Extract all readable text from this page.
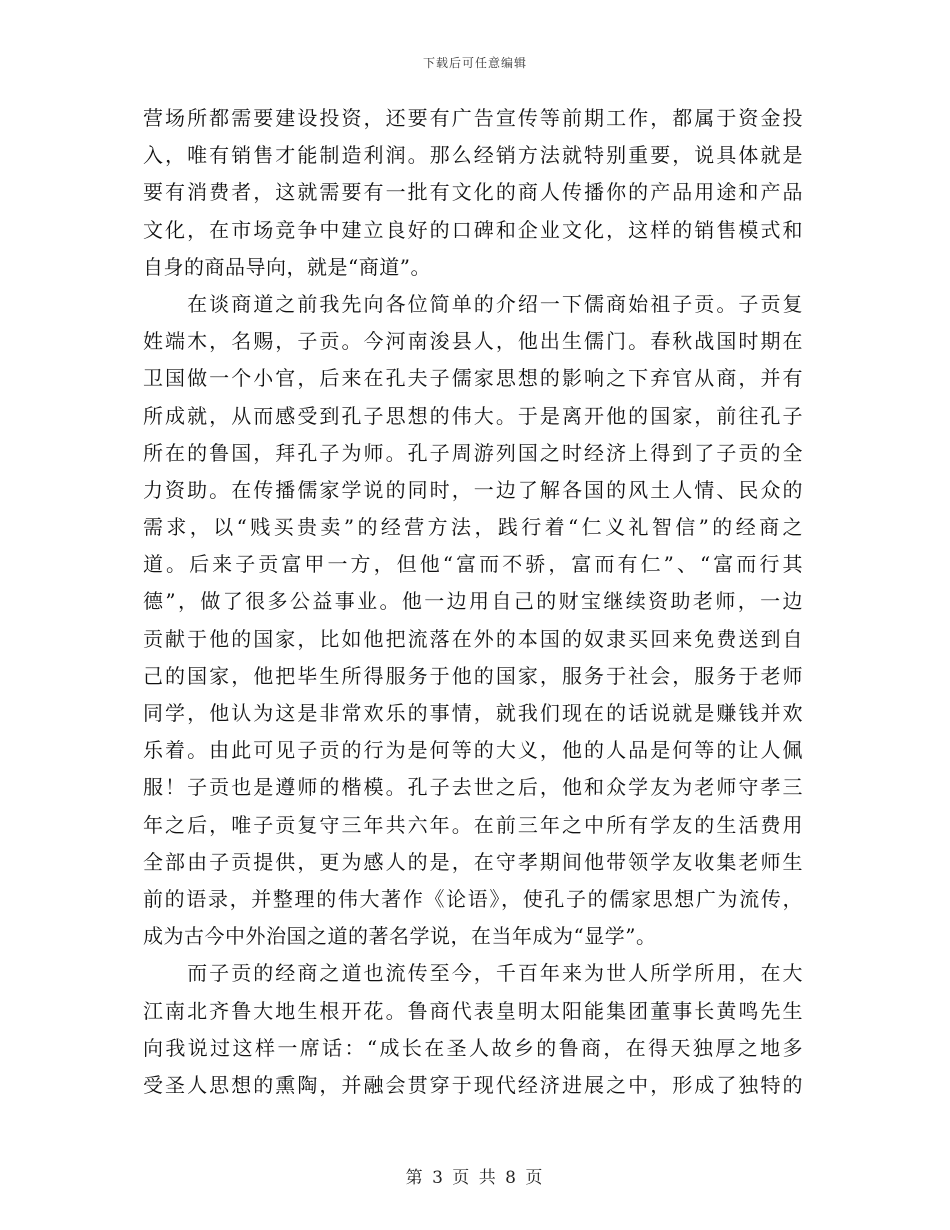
下载后可任意编辑
营场所都需要建设投资，还要有广告宣传等前期工作，都属于资金投
入，唯有销售才能制造利润。那么经销方法就特别重要，说具体就是
要有消费者，这就需要有一批有文化的商人传播你的产品用途和产品
文化，在市场竞争中建立良好的口碑和企业文化，这样的销售模式和
自身的商品导向，就是“商道”。
　　在谈商道之前我先向各位简单的介绍一下儒商始祖子贡。子贡复
姓端木，名赐，子贡。今河南浚县人，他出生儒门。春秋战国时期在
卫国做一个小官，后来在孔夫子儒家思想的影响之下弃官从商，并有
所成就，从而感受到孔子思想的伟大。于是离开他的国家，前往孔子
所在的鲁国，拜孔子为师。孔子周游列国之时经济上得到了子贡的全
力资助。在传播儒家学说的同时，一边了解各国的风土人情、民众的
需求，以“贱买贵卖”的经营方法，践行着“仁义礼智信”的经商之
道。后来子贡富甲一方，但他“富而不骄，富而有仁”、“富而行其
德”，做了很多公益事业。他一边用自己的财宝继续资助老师，一边
贡献于他的国家，比如他把流落在外的本国的奴隶买回来免费送到自
己的国家，他把毕生所得服务于他的国家，服务于社会，服务于老师
同学，他认为这是非常欢乐的事情，就我们现在的话说就是赚钱并欢
乐着。由此可见子贡的行为是何等的大义，他的人品是何等的让人佩
服！子贡也是遵师的楷模。孔子去世之后，他和众学友为老师守孝三
年之后，唯子贡复守三年共六年。在前三年之中所有学友的生活费用
全部由子贡提供，更为感人的是，在守孝期间他带领学友收集老师生
前的语录，并整理的伟大著作《论语》，使孔子的儒家思想广为流传，
成为古今中外治国之道的著名学说，在当年成为“显学”。
　　而子贡的经商之道也流传至今，千百年来为世人所学所用，在大
江南北齐鲁大地生根开花。鲁商代表皇明太阳能集团董事长黄鸣先生
向我说过这样一席话：“成长在圣人故乡的鲁商，在得天独厚之地多
受圣人思想的熏陶，并融会贯穿于现代经济进展之中，形成了独特的
第 3 页 共 8 页
